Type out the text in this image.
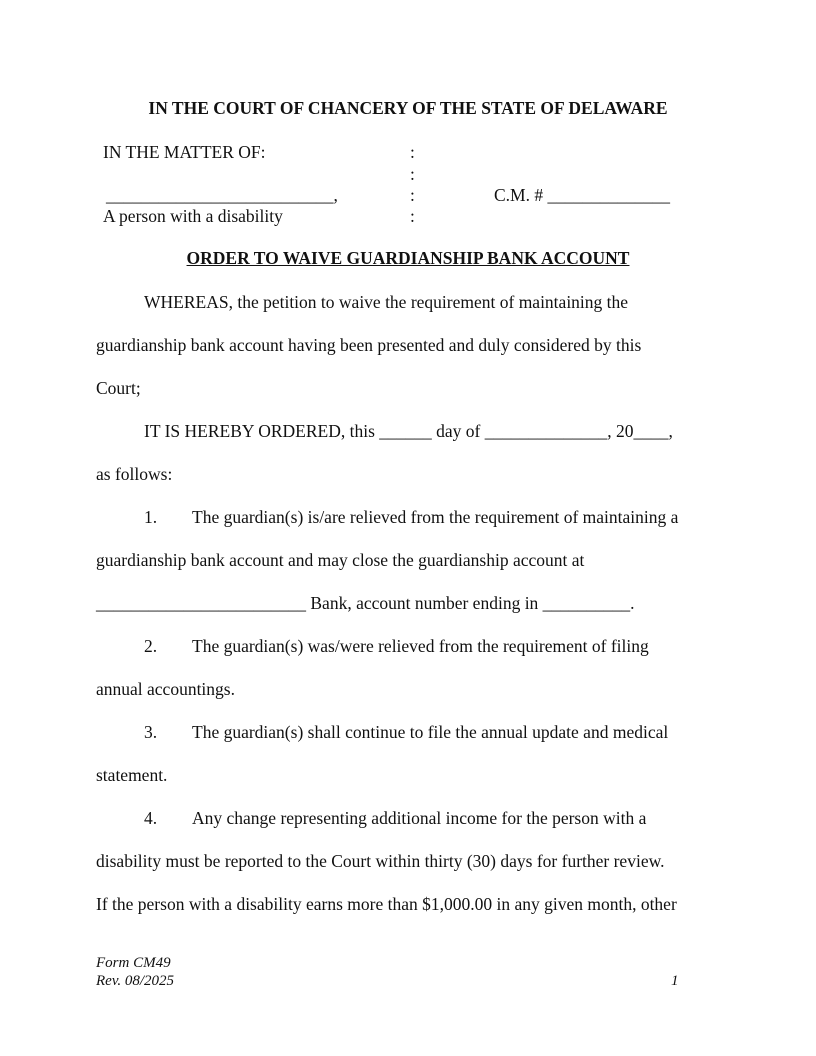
IN THE COURT OF CHANCERY OF THE STATE OF DELAWARE
IN THE MATTER OF:	:
:
__________________________,	:	C.M. # ______________
A person with a disability	:
ORDER TO WAIVE GUARDIANSHIP BANK ACCOUNT
WHEREAS, the petition to waive the requirement of maintaining the
guardianship bank account having been presented and duly considered by this
Court;
IT IS HEREBY ORDERED, this ______ day of ______________, 20____,
as follows:
1. The guardian(s) is/are relieved from the requirement of maintaining a
guardianship bank account and may close the guardianship account at
________________________ Bank, account number ending in __________.
2. The guardian(s) was/were relieved from the requirement of filing
annual accountings.
3. The guardian(s) shall continue to file the annual update and medical
statement.
4. Any change representing additional income for the person with a
disability must be reported to the Court within thirty (30) days for further review.
If the person with a disability earns more than $1,000.00 in any given month, other
Form CM49
Rev. 08/2025	1
